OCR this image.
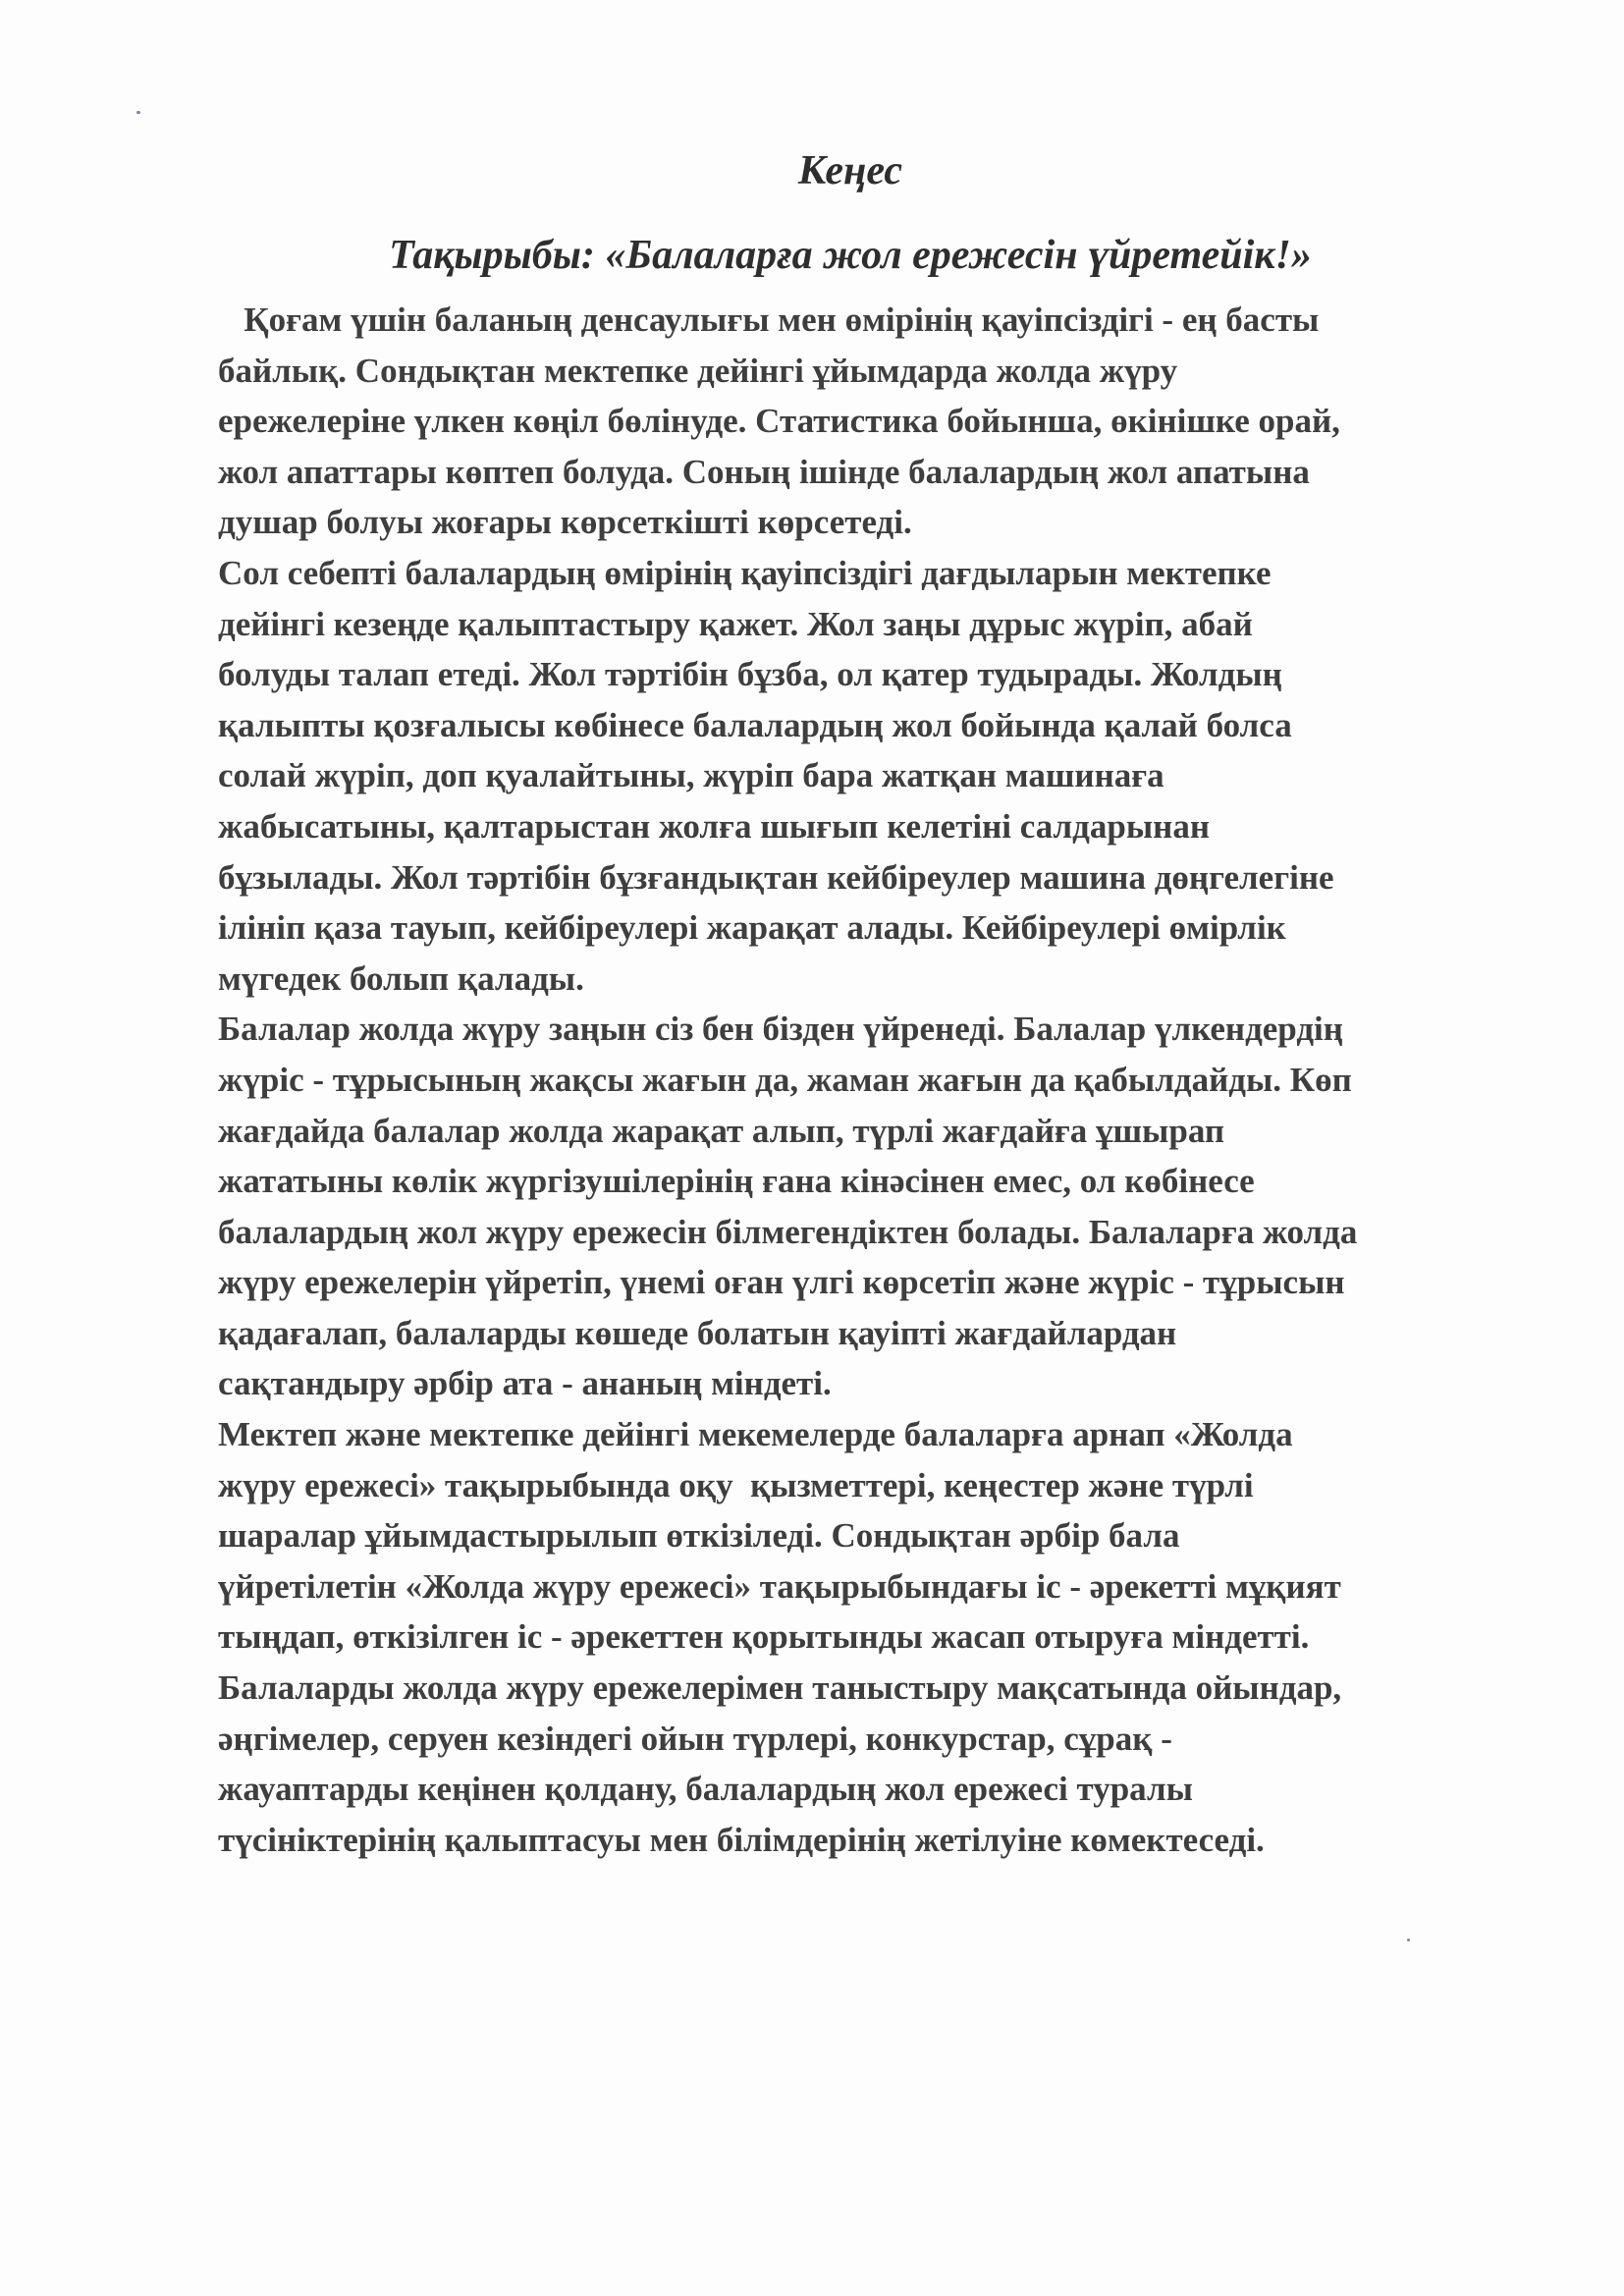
Кеңес
Тақырыбы: «Балаларға жол ережесін үйретейік!»
Қоғам үшін баланың денсаулығы мен өмірінің қауіпсіздігі - ең басты
байлық. Сондықтан мектепке дейінгі ұйымдарда жолда жүру
ережелеріне үлкен көңіл бөлінуде. Статистика бойынша, өкінішке орай,
жол апаттары көптеп болуда. Соның ішінде балалардың жол апатына
душар болуы жоғары көрсеткішті көрсетеді.
Сол себепті балалардың өмірінің қауіпсіздігі дағдыларын мектепке
дейінгі кезеңде қалыптастыру қажет. Жол заңы дұрыс жүріп, абай
болуды талап етеді. Жол тәртібін бұзба, ол қатер тудырады. Жолдың
қалыпты қозғалысы көбінесе балалардың жол бойында қалай болса
солай жүріп, доп қуалайтыны, жүріп бара жатқан машинаға
жабысатыны, қалтарыстан жолға шығып келетіні салдарынан
бұзылады. Жол тәртібін бұзғандықтан кейбіреулер машина дөңгелегіне
ілініп қаза тауып, кейбіреулері жарақат алады. Кейбіреулері өмірлік
мүгедек болып қалады.
Балалар жолда жүру заңын сіз бен бізден үйренеді. Балалар үлкендердің
жүріс - тұрысының жақсы жағын да, жаман жағын да қабылдайды. Көп
жағдайда балалар жолда жарақат алып, түрлі жағдайға ұшырап
жататыны көлік жүргізушілерінің ғана кінәсінен емес, ол көбінесе
балалардың жол жүру ережесін білмегендіктен болады. Балаларға жолда
жүру ережелерін үйретіп, үнемі оған үлгі көрсетіп және жүріс - тұрысын
қадағалап, балаларды көшеде болатын қауіпті жағдайлардан
сақтандыру әрбір ата - ананың міндеті.
Мектеп және мектепке дейінгі мекемелерде балаларға арнап «Жолда
жүру ережесі» тақырыбында оқу  қызметтері, кеңестер және түрлі
шаралар ұйымдастырылып өткізіледі. Сондықтан әрбір бала
үйретілетін «Жолда жүру ережесі» тақырыбындағы іс - әрекетті мұқият
тыңдап, өткізілген іс - әрекеттен қорытынды жасап отыруға міндетті.
Балаларды жолда жүру ережелерімен таныстыру мақсатында ойындар,
әңгімелер, серуен кезіндегі ойын түрлері, конкурстар, сұрақ -
жауаптарды кеңінен қолдану, балалардың жол ережесі туралы
түсініктерінің қалыптасуы мен білімдерінің жетілуіне көмектеседі.
